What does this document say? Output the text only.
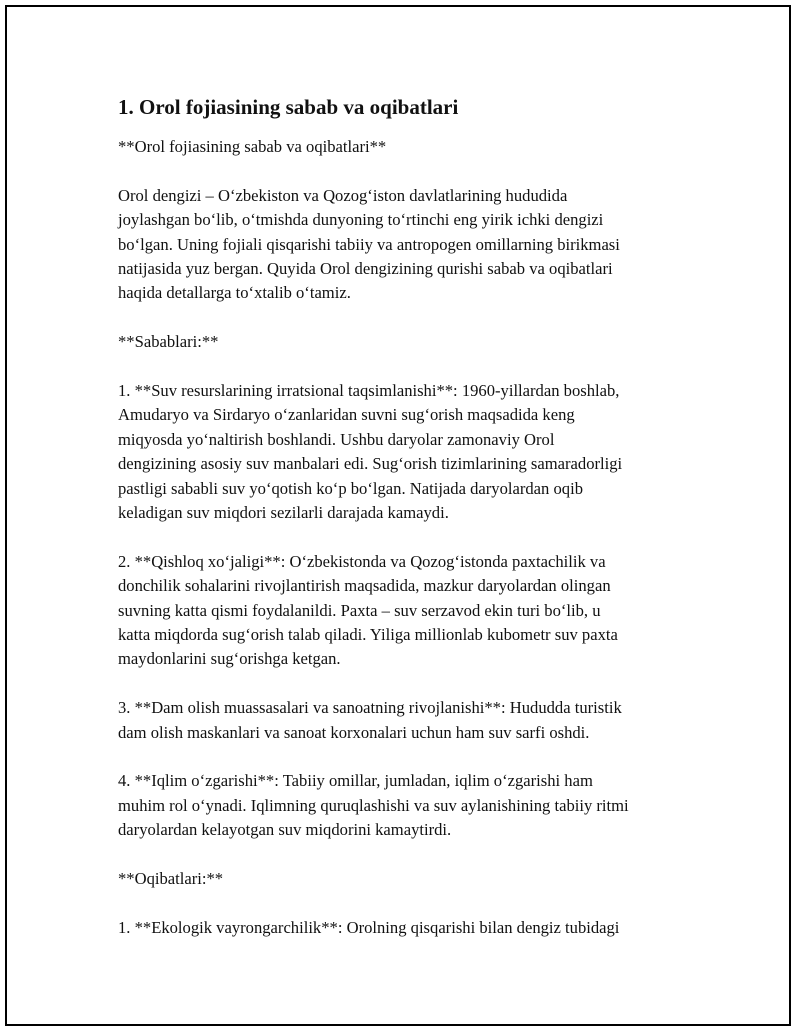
1. Orol fojiasining sabab va oqibatlari

**Orol fojiasining sabab va oqibatlari**

Orol dengizi – O‘zbekiston va Qozog‘iston davlatlarining hududida
joylashgan bo‘lib, o‘tmishda dunyoning to‘rtinchi eng yirik ichki dengizi
bo‘lgan. Uning fojiali qisqarishi tabiiy va antropogen omillarning birikmasi
natijasida yuz bergan. Quyida Orol dengizining qurishi sabab va oqibatlari
haqida detallarga to‘xtalib o‘tamiz.

**Sabablari:**

1. **Suv resurslarining irratsional taqsimlanishi**: 1960-yillardan boshlab,
Amudaryo va Sirdaryo o‘zanlaridan suvni sug‘orish maqsadida keng
miqyosda yo‘naltirish boshlandi. Ushbu daryolar zamonaviy Orol
dengizining asosiy suv manbalari edi. Sug‘orish tizimlarining samaradorligi
pastligi sababli suv yo‘qotish ko‘p bo‘lgan. Natijada daryolardan oqib
keladigan suv miqdori sezilarli darajada kamaydi.

2. **Qishloq xo‘jaligi**: O‘zbekistonda va Qozog‘istonda paxtachilik va
donchilik sohalarini rivojlantirish maqsadida, mazkur daryolardan olingan
suvning katta qismi foydalanildi. Paxta – suv serzavod ekin turi bo‘lib, u
katta miqdorda sug‘orish talab qiladi. Yiliga millionlab kubometr suv paxta
maydonlarini sug‘orishga ketgan.

3. **Dam olish muassasalari va sanoatning rivojlanishi**: Hududda turistik
dam olish maskanlari va sanoat korxonalari uchun ham suv sarfi oshdi.

4. **Iqlim o‘zgarishi**: Tabiiy omillar, jumladan, iqlim o‘zgarishi ham
muhim rol o‘ynadi. Iqlimning quruqlashishi va suv aylanishining tabiiy ritmi
daryolardan kelayotgan suv miqdorini kamaytirdi.

**Oqibatlari:**

1. **Ekologik vayrongarchilik**: Orolning qisqarishi bilan dengiz tubidagi
